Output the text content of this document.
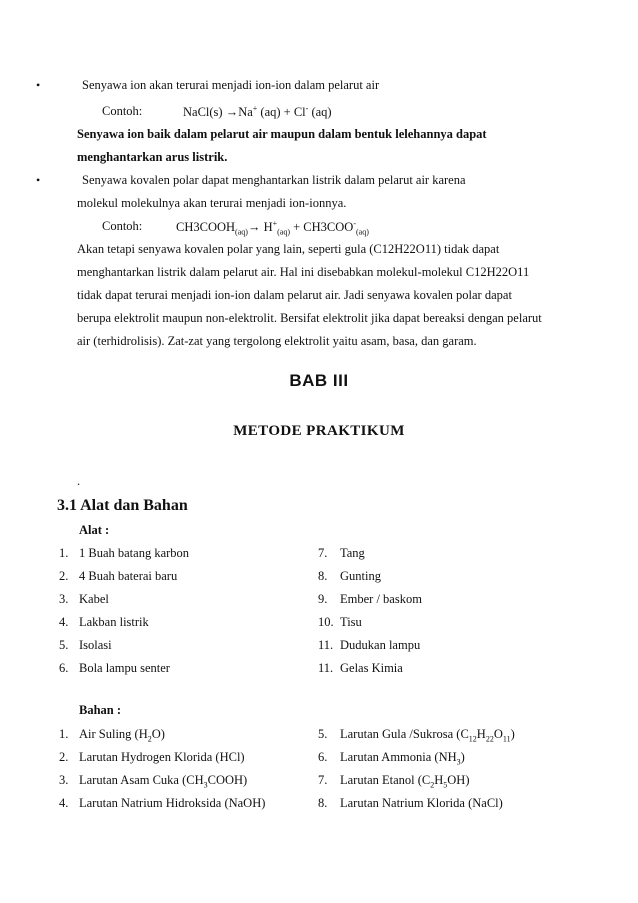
•	Senyawa ion akan terurai menjadi ion-ion dalam pelarut air
Contoh:	NaCl(s) →Na+ (aq) + Cl- (aq)
Senyawa ion baik dalam pelarut air maupun dalam bentuk lelehannya dapat
menghantarkan arus listrik.
•	Senyawa kovalen polar dapat menghantarkan listrik dalam pelarut air karena
molekul molekulnya akan terurai menjadi ion-ionnya.
Contoh:	$CH3COOH_{(aq)}\to H^+_{(aq)} + CH3COO^-_{(aq)}$
Akan tetapi senyawa kovalen polar yang lain, seperti gula (C12H22O11) tidak dapat
menghantarkan listrik dalam pelarut air. Hal ini disebabkan molekul-molekul C12H22O11
tidak dapat terurai menjadi ion-ion dalam pelarut air. Jadi senyawa kovalen polar dapat
berupa elektrolit maupun non-elektrolit. Bersifat elektrolit jika dapat bereaksi dengan pelarut
air (terhidrolisis). Zat-zat yang tergolong elektrolit yaitu asam, basa, dan garam.
BAB III
METODE PRAKTIKUM
.
3.1 Alat dan Bahan
Alat :
1. 1 Buah batang karbon
2. 4 Buah baterai baru
3. Kabel
4. Lakban listrik
5. Isolasi
6. Bola lampu senter
7. Tang
8. Gunting
9. Ember / baskom
10. Tisu
11. Dudukan lampu
11. Gelas Kimia
Bahan :
1. Air Suling $(H_2O)$
2. Larutan Hydrogen Klorida (HCl)
3. Larutan Asam Cuka $(CH_3COOH)$
4. Larutan Natrium Hidroksida (NaOH)
5. Larutan Gula /Sukrosa $(C_{12}H_{22}O_{11})$
6. Larutan Ammonia $(NH_3)$
7. Larutan Etanol $(C_2H_5OH)$
8. Larutan Natrium Klorida (NaCl)
